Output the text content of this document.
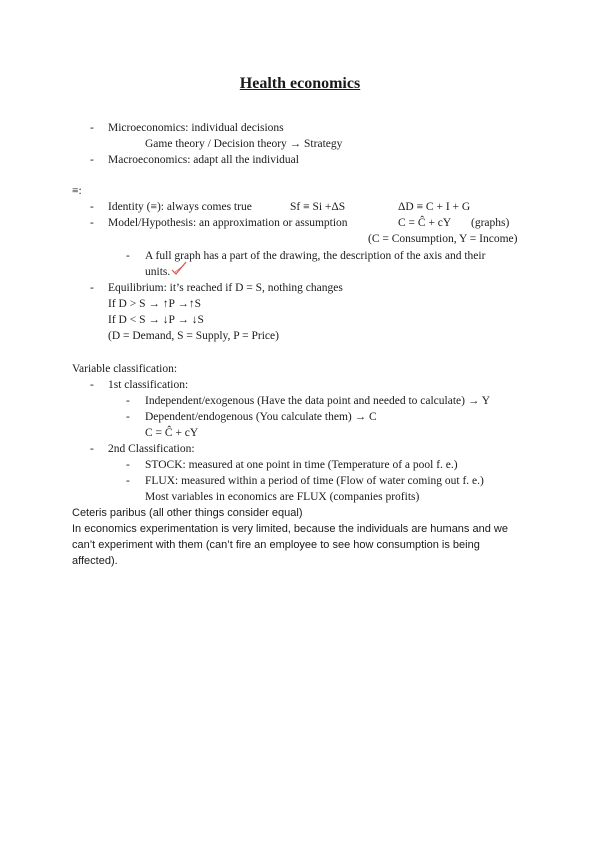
Health economics
- Microeconomics: individual decisions
Game theory / Decision theory → Strategy
- Macroeconomics: adapt all the individual
≡:
- Identity (≡): always comes true	Sf ≡ Si +ΔS	ΔD ≡ C + I + G
- Model/Hypothesis: an approximation or assumption	C = Ĉ + cY (graphs)
(C = Consumption, Y = Income)
- A full graph has a part of the drawing, the description of the axis and their
units.
- Equilibrium: it’s reached if D = S, nothing changes
If D > S → ↑P →↑S
If D < S → ↓P → ↓S
(D = Demand, S = Supply, P = Price)
Variable classification:
- 1st classification:
- Independent/exogenous (Have the data point and needed to calculate) → Y
- Dependent/endogenous (You calculate them) → C
C = Ĉ + cY
- 2nd Classification:
- STOCK: measured at one point in time (Temperature of a pool f. e.)
- FLUX: measured within a period of time (Flow of water coming out f. e.)
Most variables in economics are FLUX (companies profits)
Ceteris paribus (all other things consider equal)
In economics experimentation is very limited, because the individuals are humans and we
can’t experiment with them (can’t fire an employee to see how consumption is being
affected).
